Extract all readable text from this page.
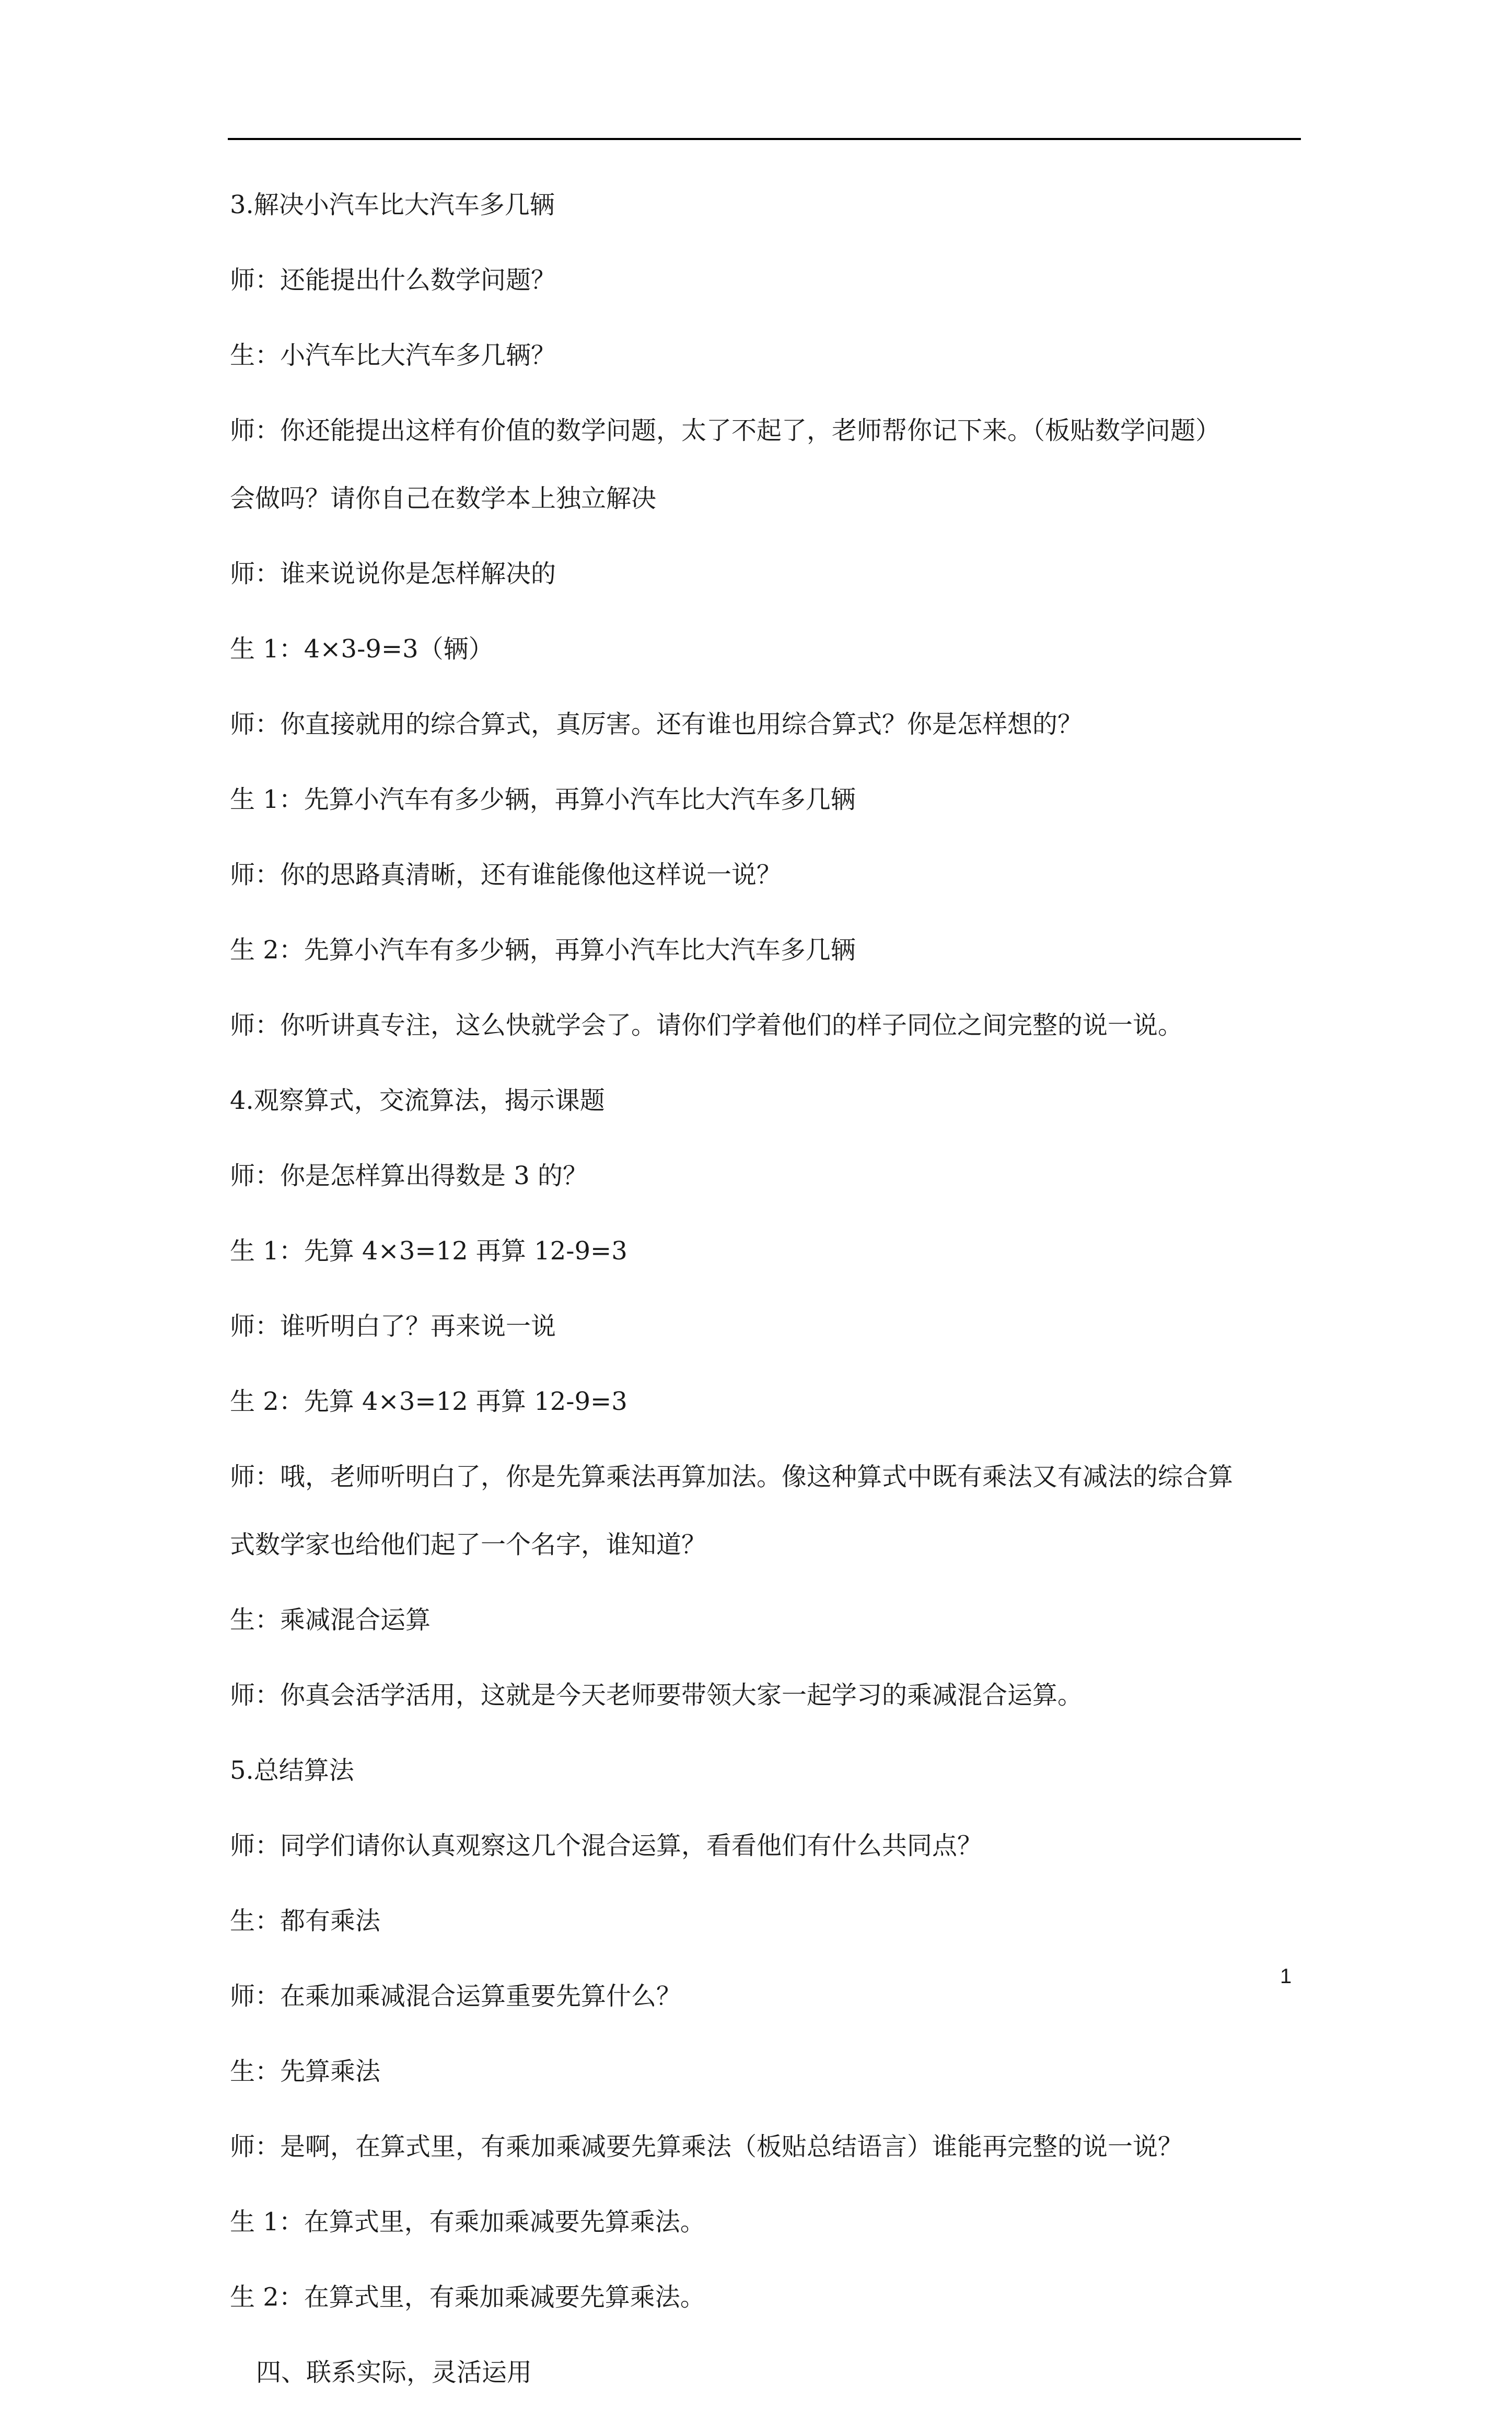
3.解决小汽车比大汽车多几辆

师：还能提出什么数学问题？

生：小汽车比大汽车多几辆？

师：你还能提出这样有价值的数学问题，太了不起了，老师帮你记下来。（板贴数学问题）

会做吗？请你自己在数学本上独立解决

师：谁来说说你是怎样解决的

生 1：4×3-9=3（辆）

师：你直接就用的综合算式，真厉害。还有谁也用综合算式？你是怎样想的？

生 1：先算小汽车有多少辆，再算小汽车比大汽车多几辆

师：你的思路真清晰，还有谁能像他这样说一说？

生 2：先算小汽车有多少辆，再算小汽车比大汽车多几辆

师：你听讲真专注，这么快就学会了。请你们学着他们的样子同位之间完整的说一说。

4.观察算式，交流算法，揭示课题

师：你是怎样算出得数是 3 的？

生 1：先算 4×3=12 再算 12-9=3

师：谁听明白了？再来说一说

生 2：先算 4×3=12 再算 12-9=3

师：哦，老师听明白了，你是先算乘法再算加法。像这种算式中既有乘法又有减法的综合算

式数学家也给他们起了一个名字，谁知道？

生：乘减混合运算

师：你真会活学活用，这就是今天老师要带领大家一起学习的乘减混合运算。

5.总结算法

师：同学们请你认真观察这几个混合运算，看看他们有什么共同点？

生：都有乘法

师：在乘加乘减混合运算重要先算什么？

生：先算乘法

师：是啊，在算式里，有乘加乘减要先算乘法（板贴总结语言）谁能再完整的说一说？

生 1：在算式里，有乘加乘减要先算乘法。

生 2：在算式里，有乘加乘减要先算乘法。

四、联系实际，灵活运用

1
